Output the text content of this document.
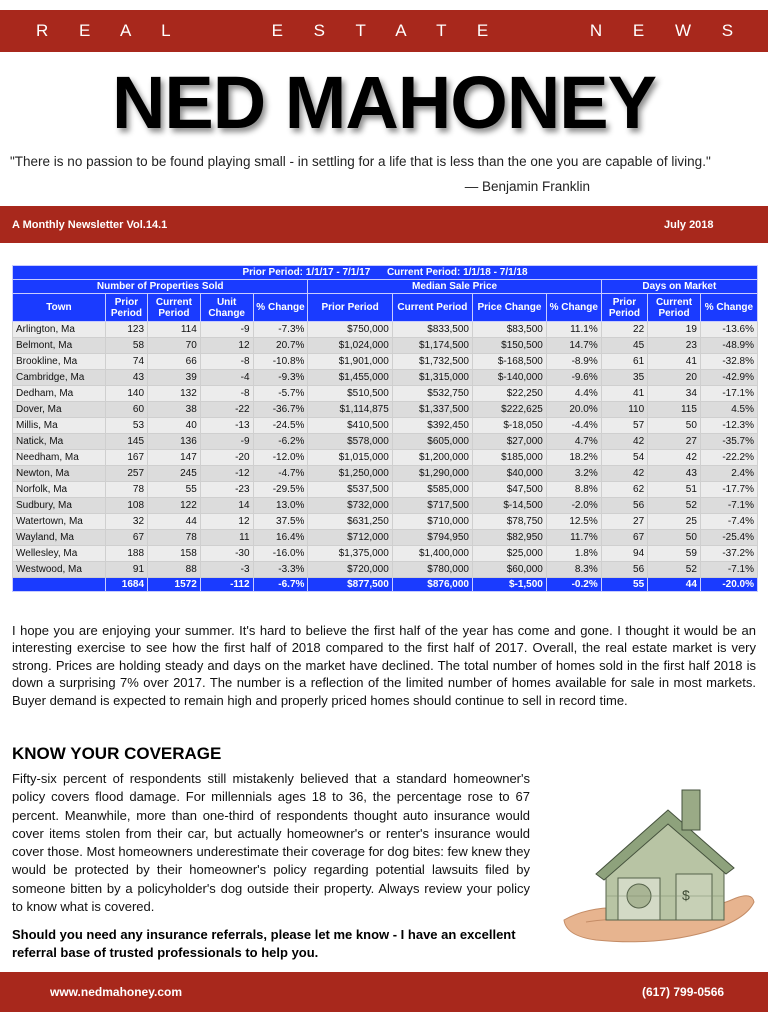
R E A L     E S T A T E     N E W S
NED MAHONEY
"There is no passion to be found playing small - in settling for a life that is less than the one you are capable of living."
— Benjamin Franklin
A Monthly Newsletter Vol.14.1	July 2018
Prior Period: 1/1/17 - 7/1/17      Current Period: 1/1/18 - 7/1/18											
Number of Properties Sold					Median Sale Price				Days on Market		
Town	Prior Period	Current Period	Unit Change	% Change	Prior Period	Current Period	Price Change	% Change	Prior Period	Current Period	% Change
Arlington, Ma	123	114	-9	-7.3%	$750,000	$833,500	$83,500	11.1%	22	19	-13.6%
Belmont, Ma	58	70	12	20.7%	$1,024,000	$1,174,500	$150,500	14.7%	45	23	-48.9%
Brookline, Ma	74	66	-8	-10.8%	$1,901,000	$1,732,500	$-168,500	-8.9%	61	41	-32.8%
Cambridge, Ma	43	39	-4	-9.3%	$1,455,000	$1,315,000	$-140,000	-9.6%	35	20	-42.9%
Dedham, Ma	140	132	-8	-5.7%	$510,500	$532,750	$22,250	4.4%	41	34	-17.1%
Dover, Ma	60	38	-22	-36.7%	$1,114,875	$1,337,500	$222,625	20.0%	110	115	4.5%
Millis, Ma	53	40	-13	-24.5%	$410,500	$392,450	$-18,050	-4.4%	57	50	-12.3%
Natick, Ma	145	136	-9	-6.2%	$578,000	$605,000	$27,000	4.7%	42	27	-35.7%
Needham, Ma	167	147	-20	-12.0%	$1,015,000	$1,200,000	$185,000	18.2%	54	42	-22.2%
Newton, Ma	257	245	-12	-4.7%	$1,250,000	$1,290,000	$40,000	3.2%	42	43	2.4%
Norfolk, Ma	78	55	-23	-29.5%	$537,500	$585,000	$47,500	8.8%	62	51	-17.7%
Sudbury, Ma	108	122	14	13.0%	$732,000	$717,500	$-14,500	-2.0%	56	52	-7.1%
Watertown, Ma	32	44	12	37.5%	$631,250	$710,000	$78,750	12.5%	27	25	-7.4%
Wayland, Ma	67	78	11	16.4%	$712,000	$794,950	$82,950	11.7%	67	50	-25.4%
Wellesley, Ma	188	158	-30	-16.0%	$1,375,000	$1,400,000	$25,000	1.8%	94	59	-37.2%
Westwood, Ma	91	88	-3	-3.3%	$720,000	$780,000	$60,000	8.3%	56	52	-7.1%
	1684	1572	-112	-6.7%	$877,500	$876,000	$-1,500	-0.2%	55	44	-20.0%

I hope you are enjoying your summer. It's hard to believe the first half of the year has come and gone. I thought it would be an interesting exercise to see how the first half of 2018 compared to the first half of 2017. Overall, the real estate market is very strong. Prices are holding steady and days on the market have declined. The total number of homes sold in the first half 2018 is down a surprising 7% over 2017. The number is a reflection of the limited number of homes available for sale in most markets. Buyer demand is expected to remain high and properly priced homes should continue to sell in record time.

KNOW YOUR COVERAGE

Fifty-six percent of respondents still mistakenly believed that a standard homeowner's policy covers flood damage. For millennials ages 18 to 36, the percentage rose to 67 percent. Meanwhile, more than one-third of respondents thought auto insurance would cover items stolen from their car, but actually homeowner's or renter's insurance would cover those. Most homeowners underestimate their coverage for dog bites: few knew they would be protected by their homeowner's policy regarding potential lawsuits filed by someone bitten by a policyholder's dog outside their property. Always review your policy to know what is covered.

Should you need any insurance referrals, please let me know - I have an excellent referral base of trusted professionals to help you.

$
www.nedmahoney.com	(617) 799-0566
